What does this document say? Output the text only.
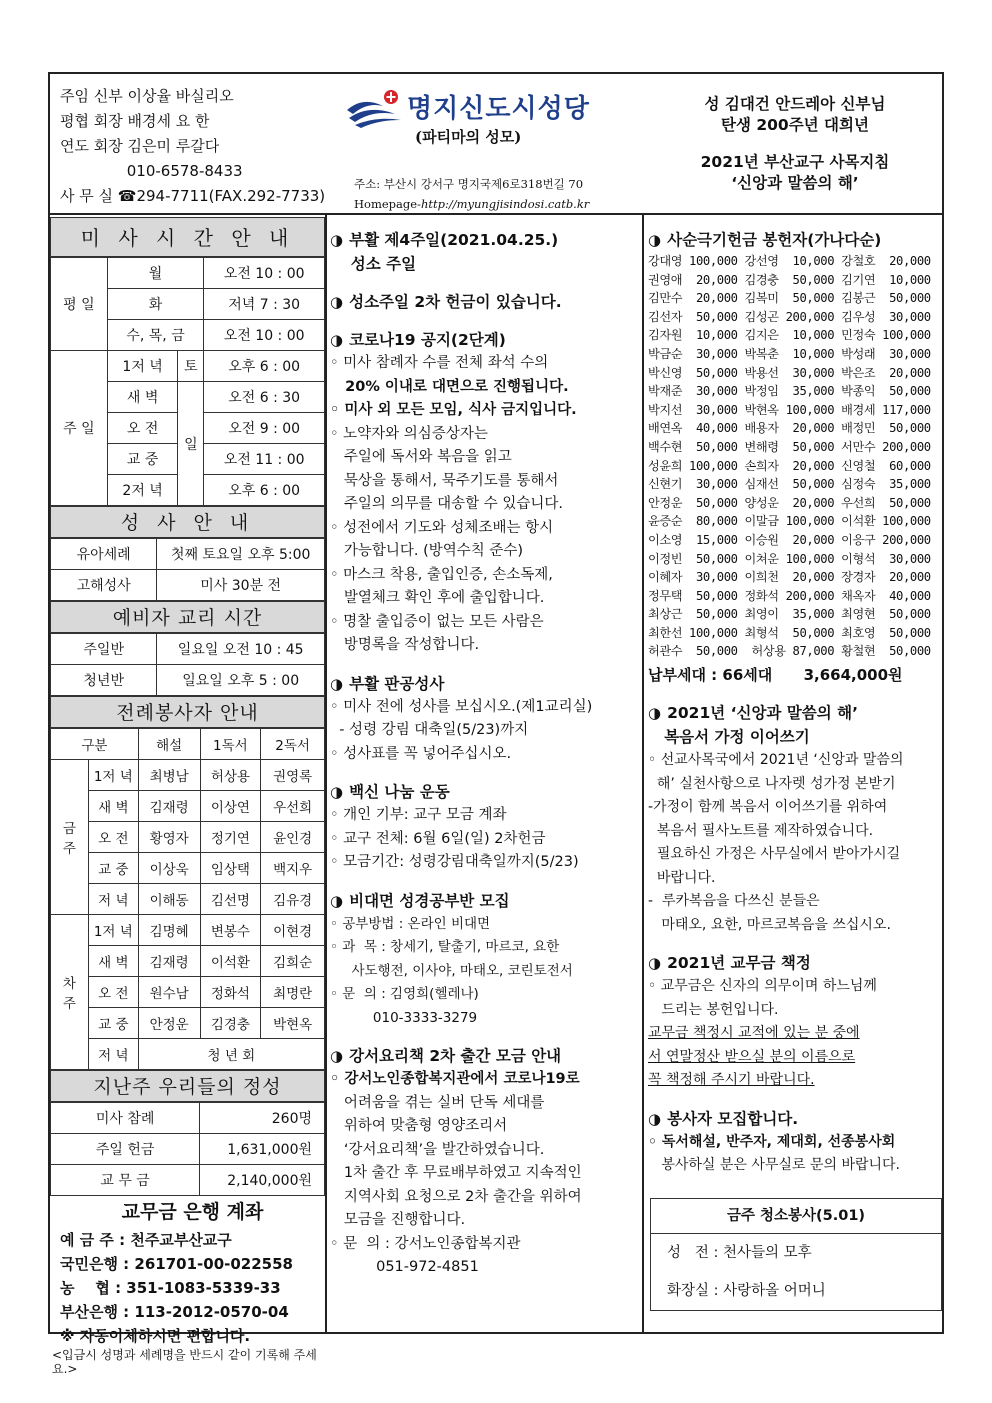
주임 신부 이상율 바실리오
평협 회장 배경세 요 한
연도 회장 김은미 루갈다
010-6578-8433
사 무 실 ☎294-7711(FAX.292-7733)
명지신도시성당
(파티마의 성모)
주소: 부산시 강서구 명지국제6로318번길 70
Homepage-http://myungjisindosi.catb.kr
성 김대건 안드레아 신부님
탄생 200주년 대희년
2021년 부산교구 사목지침
‘신앙과 말씀의 해’
미 사 시 간 안 내
평 일	월		오전 10 : 00
	화		저녁 7 : 30
	수, 목, 금		오전 10 : 00
주 일	1저 녁	토	오후 6 : 00
	새 벽	일	오전 6 : 30
	오 전		오전 9 : 00
	교 중		오전 11 : 00
	2저 녁		오후 6 : 00
성 사 안 내
유아세례	첫째 토요일 오후 5:00
고해성사	미사 30분 전
예비자 교리 시간
주일반	일요일 오전 10 : 45
청년반	일요일 오후 5 : 00
전례봉사자 안내
구분		해설	1독서	2독서
금 주	1저 녁	최병남	허상용	권영록
	새 벽	김재령	이상연	우선희
	오 전	황영자	정기연	윤인경
	교 중	이상욱	임상택	백지우
	저 녁	이해동	김선명	김유경
차 주	1저 녁	김명혜	변봉수	이현경
	새 벽	김재령	이석환	김희순
	오 전	원수남	정화석	최명란
	교 중	안정운	김경충	박현옥
	저 녁	청 년 회		
지난주 우리들의 정성
미사 참례	260명
주일 헌금	1,631,000원
교 무 금	2,140,000원
교무금 은행 계좌
예 금 주 : 천주교부산교구
국민은행 : 261701-00-022558
농    협 : 351-1083-5339-33
부산은행 : 113-2012-0570-04
※ 자동이체하시면 편합니다.
<입금시 성명과 세례명을 반드시 같이 기록해 주세요.>
◑ 부활 제4주일(2021.04.25.)
성소 주일
◑ 성소주일 2차 헌금이 있습니다.
◑ 코로나19 공지(2단계)
◦ 미사 참례자 수를 전체 좌석 수의
20% 이내로 대면으로 진행됩니다.
◦ 미사 외 모든 모임, 식사 금지입니다.
◦ 노약자와 의심증상자는
주일에 독서와 복음을 읽고
묵상을 통해서, 묵주기도를 통해서
주일의 의무를 대송할 수 있습니다.
◦ 성전에서 기도와 성체조배는 항시
가능합니다. (방역수칙 준수)
◦ 마스크 착용, 출입인증, 손소독제,
발열체크 확인 후에 출입합니다.
◦ 명찰 출입증이 없는 모든 사람은
방명록을 작성합니다.
◑ 부활 판공성사
◦ 미사 전에 성사를 보십시오.(제1교리실)
- 성령 강림 대축일(5/23)까지
◦ 성사표를 꼭 넣어주십시오.
◑ 백신 나눔 운동
◦ 개인 기부: 교구 모금 계좌
◦ 교구 전체: 6월 6일(일) 2차헌금
◦ 모금기간: 성령강림대축일까지(5/23)
◑ 비대면 성경공부반 모집
◦ 공부방법 : 온라인 비대면
◦ 과  목 : 창세기, 탈출기, 마르코, 요한
사도행전, 이사야, 마태오, 코린토전서
◦ 문  의 : 김영희(헬레나)
010-3333-3279
◑ 강서요리책 2차 출간 모금 안내
◦ 강서노인종합복지관에서 코로나19로
어려움을 겪는 실버 단독 세대를
위하여 맞춤형 영양조리서
‘강서요리책’을 발간하였습니다.
1차 출간 후 무료배부하였고 지속적인
지역사회 요청으로 2차 출간을 위하여
모금을 진행합니다.
◦ 문  의 : 강서노인종합복지관
051-972-4851
◑ 사순극기헌금 봉헌자(가나다순)
강대영 100,000 강선영  10,000 강철호  20,000
권영애  20,000 김경충  50,000 김기연  10,000
김만수  20,000 김복미  50,000 김봉근  50,000
김선자  50,000 김성곤 200,000 김우성  30,000
김자원  10,000 김지은  10,000 민정숙 100,000
박금순  30,000 박복춘  10,000 박성래  30,000
박신영  50,000 박용선  30,000 박은조  20,000
박재준  30,000 박정임  35,000 박종익  50,000
박지선  30,000 박현옥 100,000 배경세 117,000
배연옥  40,000 배용자  20,000 배정민  50,000
백수현  50,000 변해령  50,000 서만수 200,000
성윤희 100,000 손희자  20,000 신영철  60,000
신현기  30,000 심재선  50,000 심정숙  35,000
안정운  50,000 양성운  20,000 우선희  50,000
윤증순  80,000 이말금 100,000 이석환 100,000
이소영  15,000 이승원  20,000 이응구 200,000
이정빈  50,000 이쳐운 100,000 이형석  30,000
이혜자  30,000 이희천  20,000 장경자  20,000
정무택  50,000 정화석 200,000 채옥자  40,000
최상근  50,000 최영이  35,000 최영현  50,000
최한선 100,000 최형석  50,000 최호영  50,000
허관수  50,000  허상용 87,000 황철현  50,000
납부세대 : 66세대      3,664,000원
◑ 2021년 ‘신앙과 말씀의 해’
복음서 가정 이어쓰기
◦ 선교사목국에서 2021년 ‘신앙과 말씀의
해’ 실천사항으로 나자렛 성가정 본받기
-가정이 함께 복음서 이어쓰기를 위하여
복음서 필사노트를 제작하였습니다.
필요하신 가정은 사무실에서 받아가시길
바랍니다.
-  루카복음을 다쓰신 분들은
마태오, 요한, 마르코복음을 쓰십시오.
◑ 2021년 교무금 책정
◦ 교무금은 신자의 의무이며 하느님께
드리는 봉헌입니다.
교무금 책정시 교적에 있는 분 중에
서 연말정산 받으실 분의 이름으로
꼭 책정해 주시기 바랍니다.
◑ 봉사자 모집합니다.
◦ 독서해설, 반주자, 제대회, 선종봉사회
봉사하실 분은 사무실로 문의 바랍니다.
금주 청소봉사(5.01)
성   전 : 천사들의 모후
화장실 : 사랑하올 어머니
